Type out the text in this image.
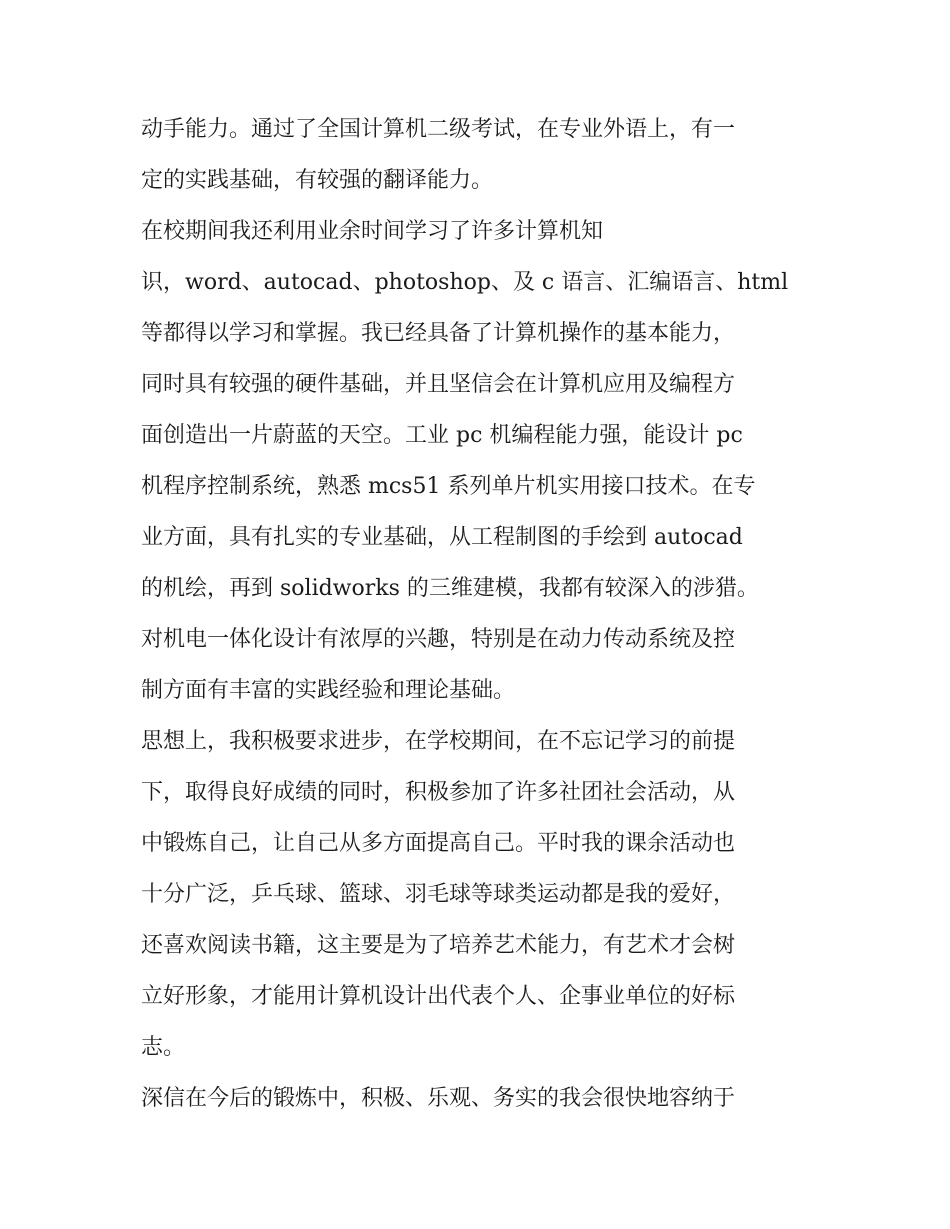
动手能力。通过了全国计算机二级考试，在专业外语上，有一
定的实践基础，有较强的翻译能力。

在校期间我还利用业余时间学习了许多计算机知

识，word、autocad、photoshop、及 c 语言、汇编语言、html
等都得以学习和掌握。我已经具备了计算机操作的基本能力，
同时具有较强的硬件基础，并且坚信会在计算机应用及编程方
面创造出一片蔚蓝的天空。工业 pc 机编程能力强，能设计 pc
机程序控制系统，熟悉 mcs51 系列单片机实用接口技术。在专
业方面，具有扎实的专业基础，从工程制图的手绘到 autocad
的机绘，再到 solidworks 的三维建模，我都有较深入的涉猎。
对机电一体化设计有浓厚的兴趣，特别是在动力传动系统及控
制方面有丰富的实践经验和理论基础。

思想上，我积极要求进步，在学校期间，在不忘记学习的前提
下，取得良好成绩的同时，积极参加了许多社团社会活动，从
中锻炼自己，让自己从多方面提高自己。平时我的课余活动也
十分广泛，乒乓球、篮球、羽毛球等球类运动都是我的爱好，
还喜欢阅读书籍，这主要是为了培养艺术能力，有艺术才会树
立好形象，才能用计算机设计出代表个人、企事业单位的好标
志。

深信在今后的锻炼中，积极、乐观、务实的我会很快地容纳于
